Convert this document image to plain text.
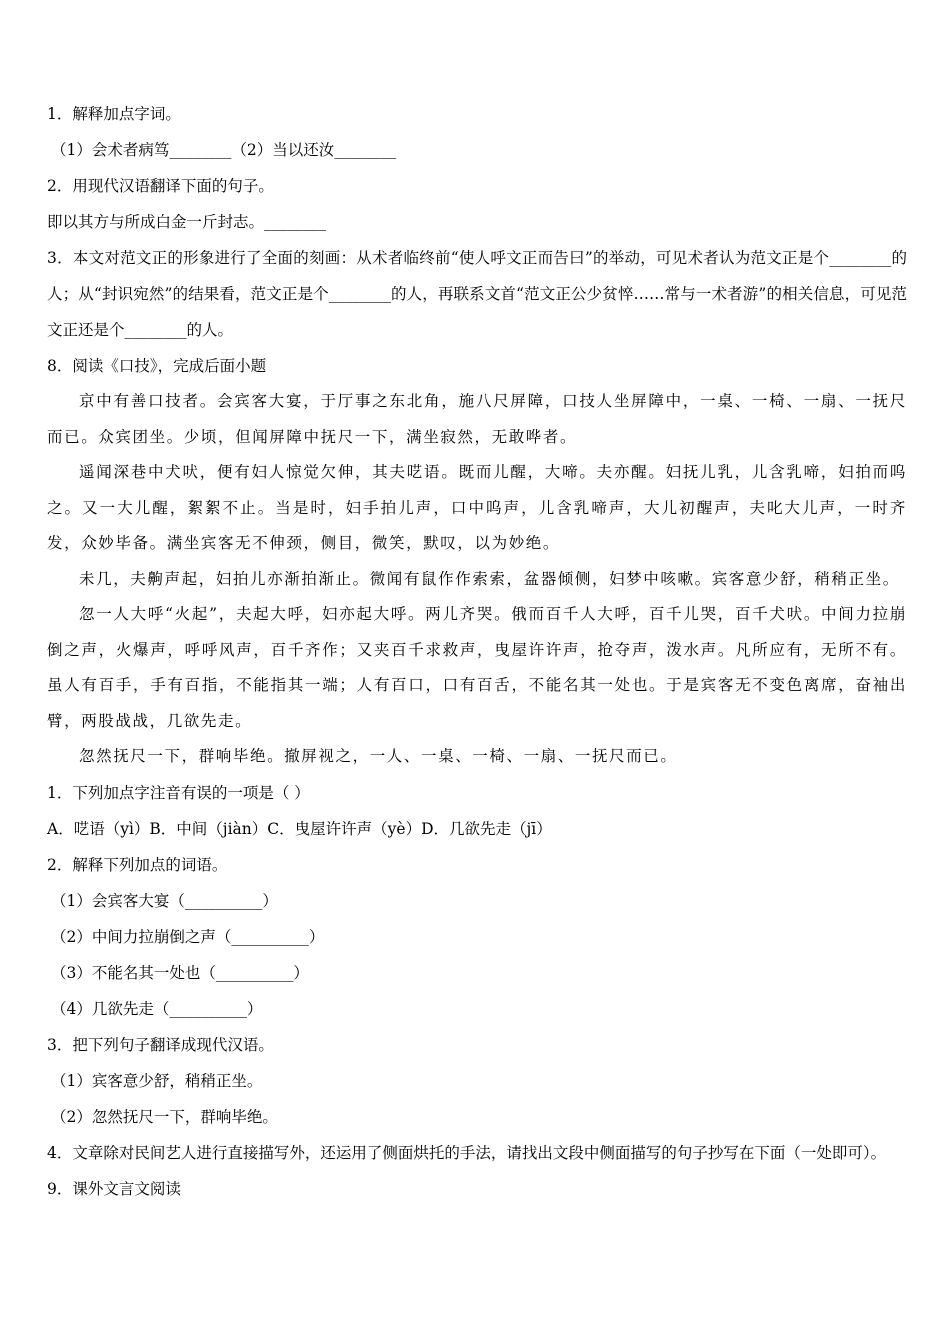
1．解释加点字词。
（1）会术者病笃________（2）当以还汝________
2．用现代汉语翻译下面的句子。
即以其方与所成白金一斤封志。________
3．本文对范文正的形象进行了全面的刻画：从术者临终前“使人呼文正而告曰”的举动，可见术者认为范文正是个________的人；从“封识宛然”的结果看，范文正是个________的人，再联系文首“范文正公少贫悴……常与一术者游”的相关信息，可见范文正还是个________的人。
8．阅读《口技》，完成后面小题

京中有善口技者。会宾客大宴，于厅事之东北角，施八尺屏障，口技人坐屏障中，一桌、一椅、一扇、一抚尺而已。众宾团坐。少顷，但闻屏障中抚尺一下，满坐寂然，无敢哗者。

遥闻深巷中犬吠，便有妇人惊觉欠伸，其夫呓语。既而儿醒，大啼。夫亦醒。妇抚儿乳，儿含乳啼，妇拍而呜之。又一大儿醒，絮絮不止。当是时，妇手拍儿声，口中呜声，儿含乳啼声，大儿初醒声，夫叱大儿声，一时齐发，众妙毕备。满坐宾客无不伸颈，侧目，微笑，默叹，以为妙绝。

未几，夫齁声起，妇拍儿亦渐拍渐止。微闻有鼠作作索索，盆器倾侧，妇梦中咳嗽。宾客意少舒，稍稍正坐。

忽一人大呼“火起”，夫起大呼，妇亦起大呼。两儿齐哭。俄而百千人大呼，百千儿哭，百千犬吠。中间力拉崩倒之声，火爆声，呼呼风声，百千齐作；又夹百千求救声，曳屋许许声，抢夺声，泼水声。凡所应有，无所不有。虽人有百手，手有百指，不能指其一端；人有百口，口有百舌，不能名其一处也。于是宾客无不变色离席，奋袖出臂，两股战战，几欲先走。

忽然抚尺一下，群响毕绝。撤屏视之，一人、一桌、一椅、一扇、一抚尺而已。

1．下列加点字注音有误的一项是（ ）
A．呓语（yì）B．中间（jiàn）C．曳屋许许声（yè）D．几欲先走（jī）
2．解释下列加点的词语。
（1）会宾客大宴（__________）
（2）中间力拉崩倒之声（__________）
（3）不能名其一处也（__________）
（4）几欲先走（__________）
3．把下列句子翻译成现代汉语。
（1）宾客意少舒，稍稍正坐。
（2）忽然抚尺一下，群响毕绝。
4．文章除对民间艺人进行直接描写外，还运用了侧面烘托的手法，请找出文段中侧面描写的句子抄写在下面（一处即可）。
9．课外文言文阅读
